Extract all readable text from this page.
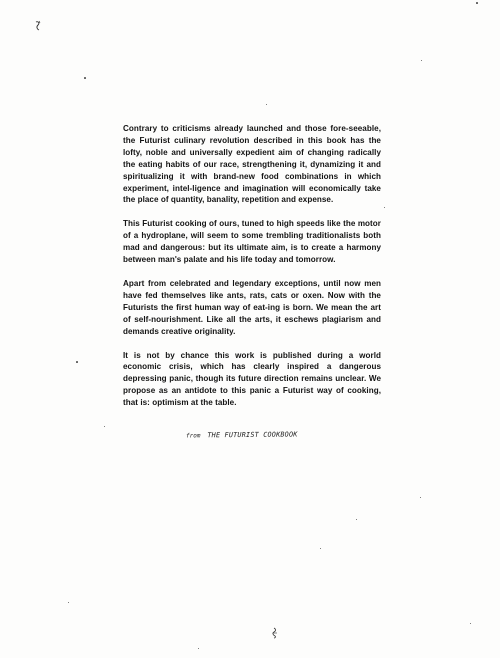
Contrary to criticisms already launched and those fore-seeable, the Futurist culinary revolution described in this book has the lofty, noble and universally expedient aim of changing radically the eating habits of our race, strengthening it, dynamizing it and spiritualizing it with brand-new food combinations in which experiment, intel-ligence and imagination will economically take the place of quantity, banality, repetition and expense.

This Futurist cooking of ours, tuned to high speeds like the motor of a hydroplane, will seem to some trembling traditionalists both mad and dangerous: but its ultimate aim, is to create a harmony between man's palate and his life today and tomorrow.

Apart from celebrated and legendary exceptions, until now men have fed themselves like ants, rats, cats or oxen. Now with the Futurists the first human way of eat-ing is born. We mean the art of self-nourishment. Like all the arts, it eschews plagiarism and demands creative originality.

It is not by chance this work is published during a world economic crisis, which has clearly inspired a dangerous depressing panic, though its future direction remains unclear. We propose as an antidote to this panic a Futurist way of cooking, that is: optimism at the table.

from THE FUTURIST COOKBOOK
